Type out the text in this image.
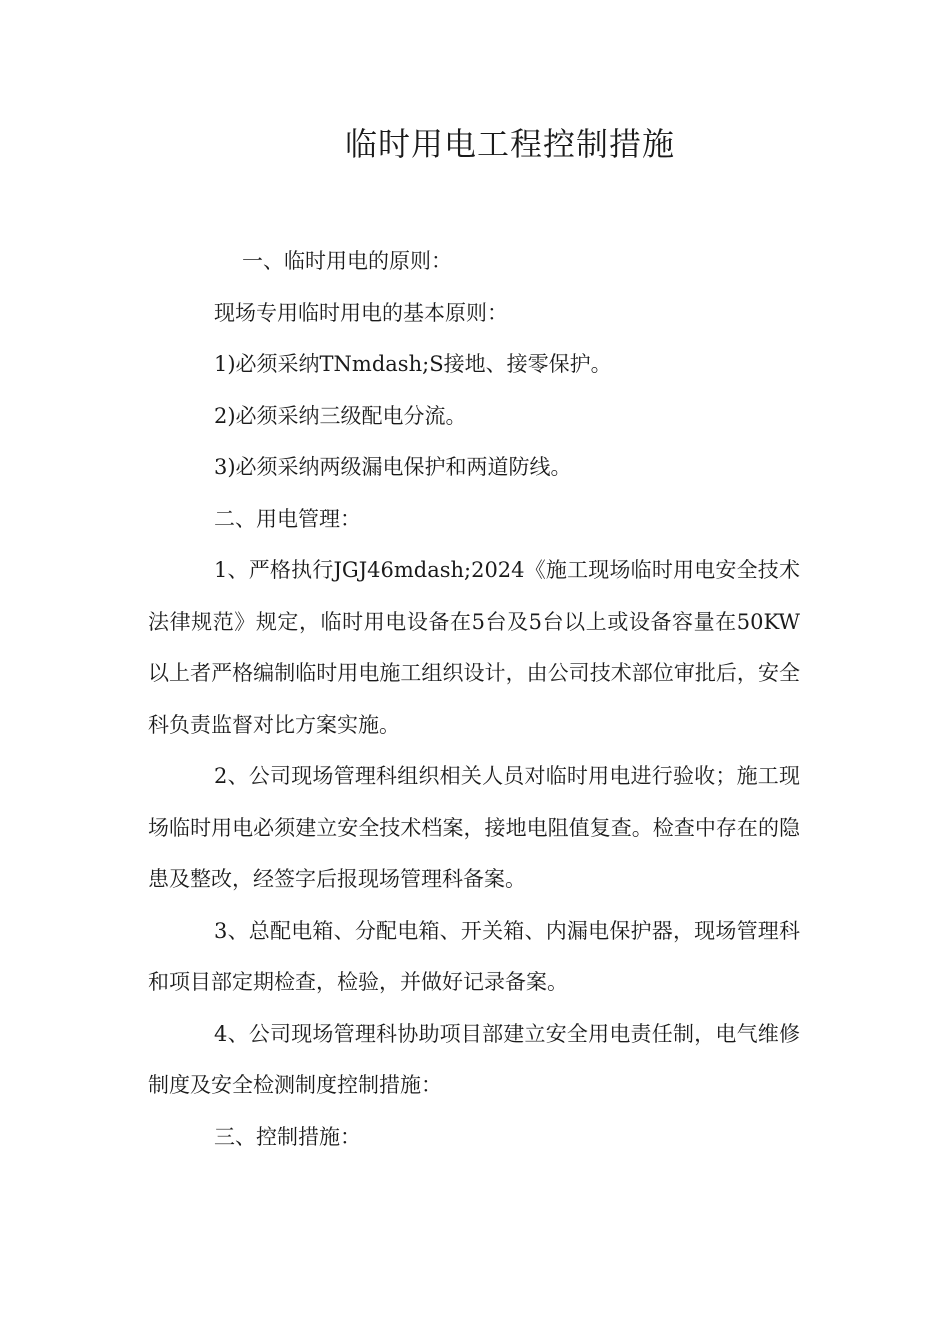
临时用电工程控制措施

一、临时用电的原则：

现场专用临时用电的基本原则：

1)必须采纳TNmdash;S接地、接零保护。

2)必须采纳三级配电分流。

3)必须采纳两级漏电保护和两道防线。

二、用电管理：

1、严格执行JGJ46mdash;2024《施工现场临时用电安全技术法律规范》规定，临时用电设备在5台及5台以上或设备容量在50KW以上者严格编制临时用电施工组织设计，由公司技术部位审批后，安全科负责监督对比方案实施。

2、公司现场管理科组织相关人员对临时用电进行验收；施工现场临时用电必须建立安全技术档案，接地电阻值复查。检查中存在的隐患及整改，经签字后报现场管理科备案。

3、总配电箱、分配电箱、开关箱、内漏电保护器，现场管理科和项目部定期检查，检验，并做好记录备案。

4、公司现场管理科协助项目部建立安全用电责任制，电气维修制度及安全检测制度控制措施：

三、控制措施：
